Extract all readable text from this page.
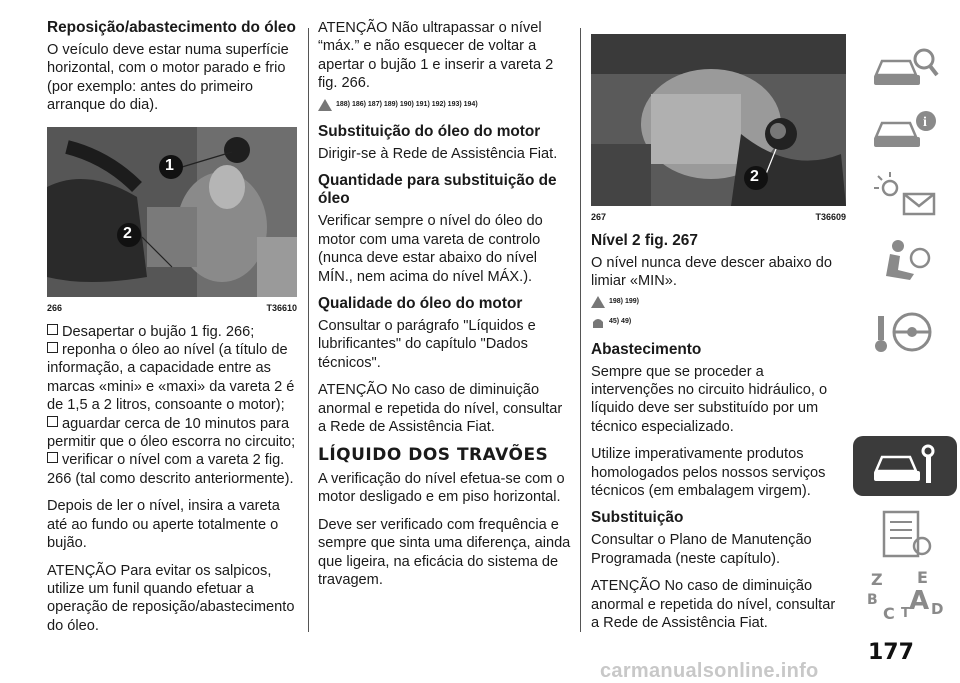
Reposição/abastecimento do óleo

O veículo deve estar numa superfície horizontal, com o motor parado e frio (por exemplo: antes do primeiro arranque do dia).

1
2
266	T36610
Desapertar o bujão 1 fig. 266;
reponha o óleo ao nível (a título de informação, a capacidade entre as marcas «mini» e «maxi» da vareta 2 é de 1,5 a 2 litros, consoante o motor);
aguardar cerca de 10 minutos para permitir que o óleo escorra no circuito;
verificar o nível com a vareta 2 fig. 266 (tal como descrito anteriormente).

Depois de ler o nível, insira a vareta até ao fundo ou aperte totalmente o bujão.

ATENÇÃO Para evitar os salpicos, utilize um funil quando efetuar a operação de reposição/abastecimento do óleo.

ATENÇÃO Não ultrapassar o nível “máx.” e não esquecer de voltar a apertar o bujão 1 e inserir a vareta 2 fig. 266.

188) 186) 187) 189) 190) 191) 192) 193) 194)
Substituição do óleo do motor

Dirigir-se à Rede de Assistência Fiat.

Quantidade para substituição de óleo

Verificar sempre o nível do óleo do motor com uma vareta de controlo (nunca deve estar abaixo do nível MÍN., nem acima do nível MÁX.).

Qualidade do óleo do motor

Consultar o parágrafo "Líquidos e lubrificantes" do capítulo "Dados técnicos".

ATENÇÃO No caso de diminuição anormal e repetida do nível, consultar a Rede de Assistência Fiat.

LÍQUIDO DOS TRAVÕES

A verificação do nível efetua-se com o motor desligado e em piso horizontal.

Deve ser verificado com frequência e sempre que sinta uma diferença, ainda que ligeira, na eficácia do sistema de travagem.

2
267	T36609
Nível 2 fig. 267

O nível nunca deve descer abaixo do limiar «MIN».

198) 199)
45) 49)
Abastecimento

Sempre que se proceder a intervenções no circuito hidráulico, o líquido deve ser substituído por um técnico especializado.

Utilize imperativamente produtos homologados pelos nossos serviços técnicos (em embalagem virgem).

Substituição

Consultar o Plano de Manutenção Programada (neste capítulo).

ATENÇÃO No caso de diminuição anormal e repetida do nível, consultar a Rede de Assistência Fiat.

i
Z E
B
C T A D
177
carmanualsonline.info
